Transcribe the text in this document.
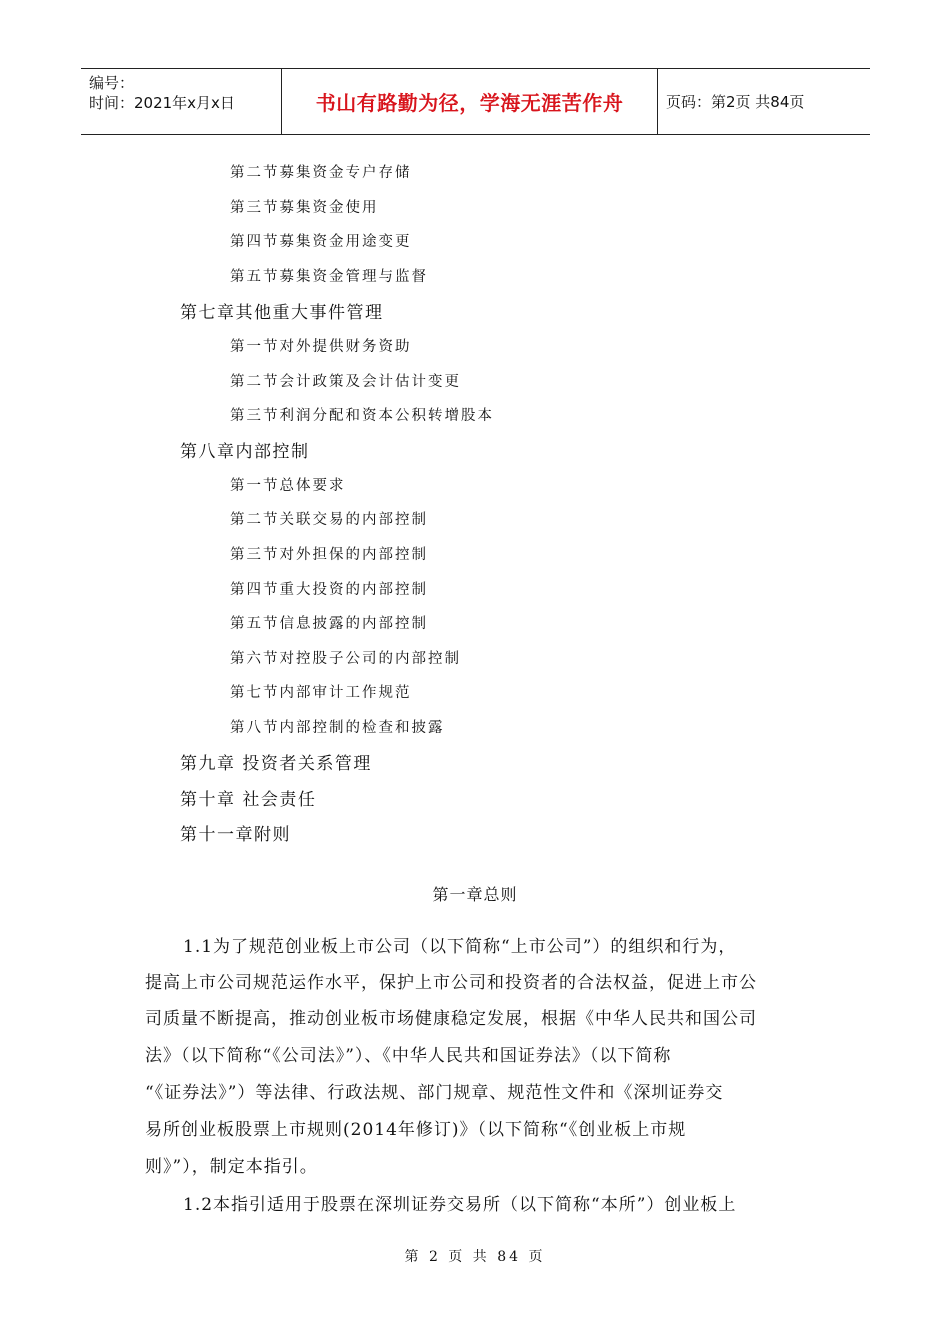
编号：
时间：2021年x月x日	书山有路勤为径，学海无涯苦作舟	页码：第2页 共84页
第二节募集资金专户存储
第三节募集资金使用
第四节募集资金用途变更
第五节募集资金管理与监督
第七章其他重大事件管理
第一节对外提供财务资助
第二节会计政策及会计估计变更
第三节利润分配和资本公积转增股本
第八章内部控制
第一节总体要求
第二节关联交易的内部控制
第三节对外担保的内部控制
第四节重大投资的内部控制
第五节信息披露的内部控制
第六节对控股子公司的内部控制
第七节内部审计工作规范
第八节内部控制的检查和披露
第九章 投资者关系管理
第十章 社会责任
第十一章附则
第一章总则
1.1为了规范创业板上市公司（以下简称“上市公司”）的组织和行为，
提高上市公司规范运作水平，保护上市公司和投资者的合法权益，促进上市公
司质量不断提高，推动创业板市场健康稳定发展，根据《中华人民共和国公司
法》（以下简称“《公司法》”）、《中华人民共和国证券法》（以下简称
“《证券法》”）等法律、行政法规、部门规章、规范性文件和《深圳证券交
易所创业板股票上市规则(2014年修订)》（以下简称“《创业板上市规
则》”），制定本指引。
1.2本指引适用于股票在深圳证券交易所（以下简称“本所”）创业板上
第 2 页 共 84 页
